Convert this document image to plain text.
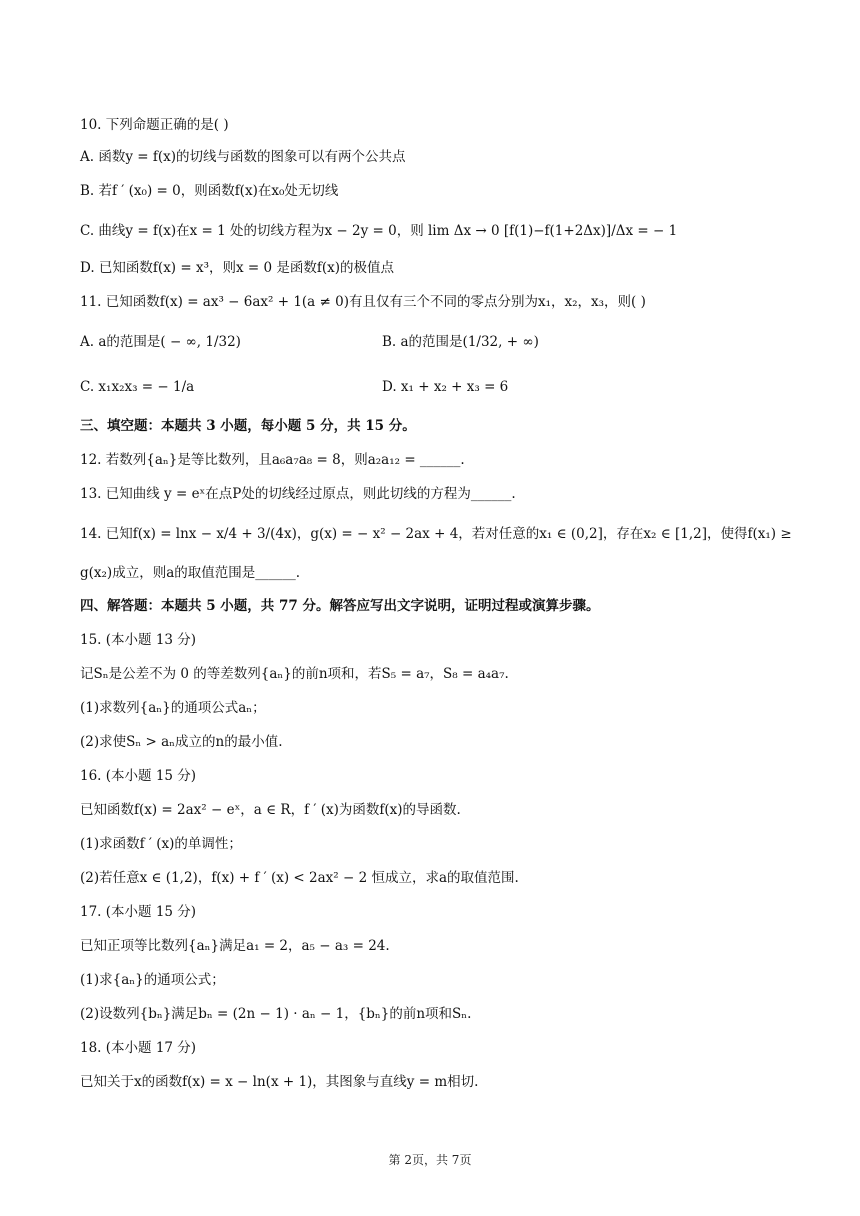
10. 下列命题正确的是( )
A. 函数y = f(x)的切线与函数的图象可以有两个公共点
B. 若f ′ (x₀) = 0，则函数f(x)在x₀处无切线
C. 曲线y = f(x)在x = 1 处的切线方程为x − 2y = 0，则 lim Δx → 0 [f(1)−f(1+2Δx)]/Δx = − 1
D. 已知函数f(x) = x³，则x = 0 是函数f(x)的极值点
11. 已知函数f(x) = ax³ − 6ax² + 1(a ≠ 0)有且仅有三个不同的零点分别为x₁，x₂，x₃，则( )
A. a的范围是( − ∞, 1/32)	B. a的范围是(1/32, + ∞)
C. x₁x₂x₃ = − 1/a	D. x₁ + x₂ + x₃ = 6
三、填空题：本题共 3 小题，每小题 5 分，共 15 分。
12. 若数列{aₙ}是等比数列，且a₆a₇a₈ = 8，则a₂a₁₂ = ______.
13. 已知曲线 y = eˣ在点P处的切线经过原点，则此切线的方程为______.
14. 已知f(x) = lnx − x/4 + 3/(4x)，g(x) = − x² − 2ax + 4，若对任意的x₁ ∈ (0,2]，存在x₂ ∈ [1,2]，使得f(x₁) ≥
g(x₂)成立，则a的取值范围是______.
四、解答题：本题共 5 小题，共 77 分。解答应写出文字说明，证明过程或演算步骤。
15. (本小题 13 分)
记Sₙ是公差不为 0 的等差数列{aₙ}的前n项和，若S₅ = a₇，S₈ = a₄a₇.
(1)求数列{aₙ}的通项公式aₙ；
(2)求使Sₙ > aₙ成立的n的最小值.
16. (本小题 15 分)
已知函数f(x) = 2ax² − eˣ，a ∈ R，f ′ (x)为函数f(x)的导函数.
(1)求函数f ′ (x)的单调性；
(2)若任意x ∈ (1,2)，f(x) + f ′ (x) < 2ax² − 2 恒成立，求a的取值范围.
17. (本小题 15 分)
已知正项等比数列{aₙ}满足a₁ = 2，a₅ − a₃ = 24.
(1)求{aₙ}的通项公式；
(2)设数列{bₙ}满足bₙ = (2n − 1) · aₙ − 1，{bₙ}的前n项和Sₙ.
18. (本小题 17 分)
已知关于x的函数f(x) = x − ln(x + 1)，其图象与直线y = m相切.
第 2页，共 7页
